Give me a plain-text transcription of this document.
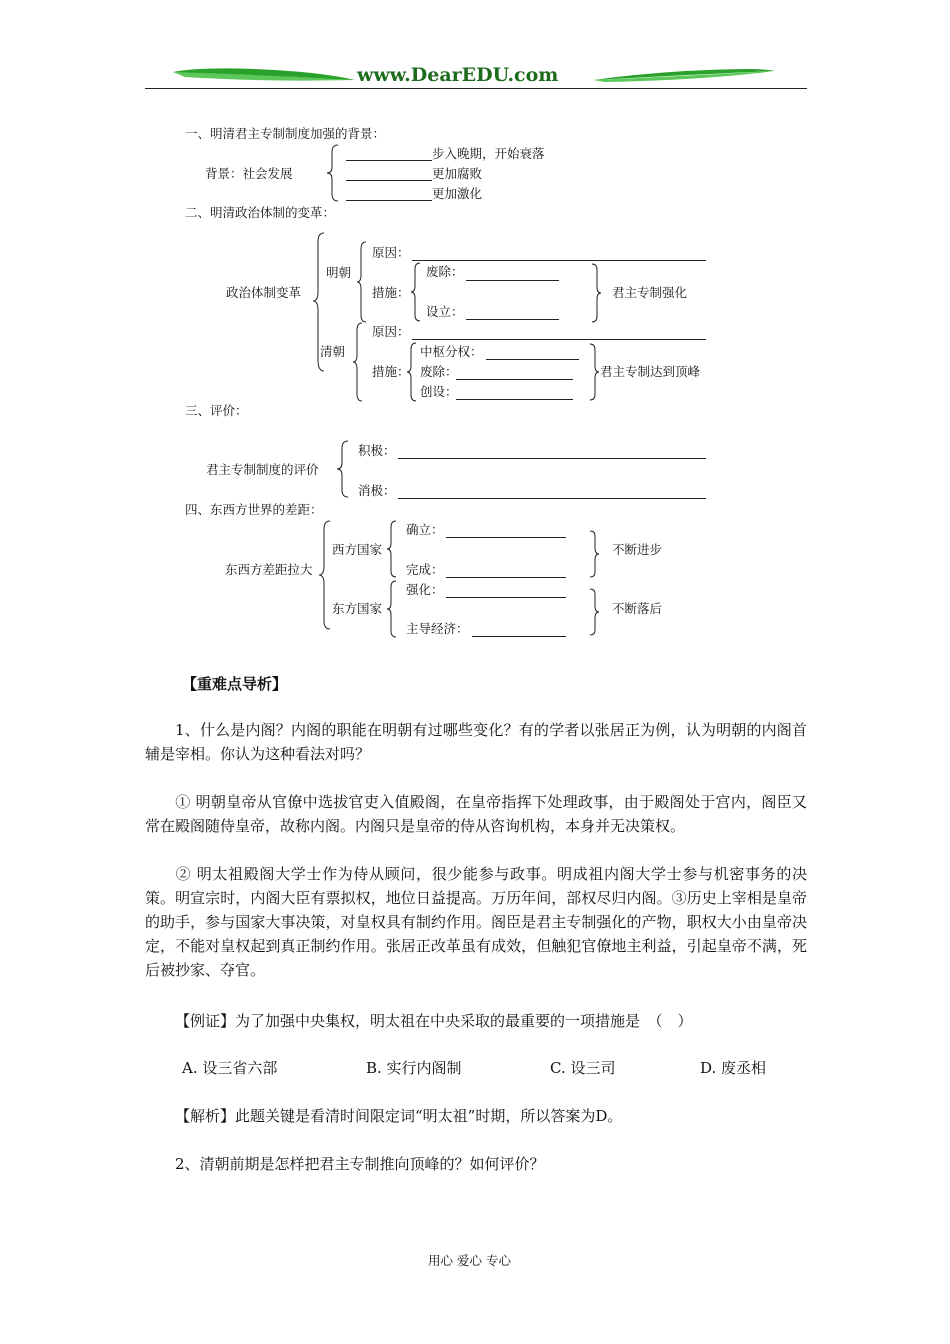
www.DearEDU.com
一、明清君主专制制度加强的背景：
背景：社会发展
步入晚期，开始衰落
更加腐败
更加激化
二、明清政治体制的变革：
政治体制变革
明朝
原因：
措施：
废除：
设立：
君主专制强化
清朝
原因：
措施：
中枢分权：
废除：
创设：
君主专制达到顶峰
三、评价：
君主专制制度的评价
积极：
消极：
四、东西方世界的差距：
东西方差距拉大
西方国家
确立：
完成：
不断进步
东方国家
强化：
主导经济：
不断落后
【重难点导析】
1、什么是内阁？内阁的职能在明朝有过哪些变化？有的学者以张居正为例，认为明朝的内阁首辅是宰相。你认为这种看法对吗？
① 明朝皇帝从官僚中选拔官吏入值殿阁，在皇帝指挥下处理政事，由于殿阁处于宫内，阁臣又常在殿阁随侍皇帝，故称内阁。内阁只是皇帝的侍从咨询机构，本身并无决策权。
② 明太祖殿阁大学士作为侍从顾问，很少能参与政事。明成祖内阁大学士参与机密事务的决策。明宣宗时，内阁大臣有票拟权，地位日益提高。万历年间，部权尽归内阁。③历史上宰相是皇帝的助手，参与国家大事决策，对皇权具有制约作用。阁臣是君主专制强化的产物，职权大小由皇帝决定，不能对皇权起到真正制约作用。张居正改革虽有成效，但触犯官僚地主利益，引起皇帝不满，死后被抄家、夺官。
【例证】为了加强中央集权，明太祖在中央采取的最重要的一项措施是　（　）
A. 设三省六部	B. 实行内阁制	C. 设三司	D. 废丞相
【解析】此题关键是看清时间限定词“明太祖”时期，所以答案为D。
2、清朝前期是怎样把君主专制推向顶峰的？如何评价？
用心 爱心 专心
